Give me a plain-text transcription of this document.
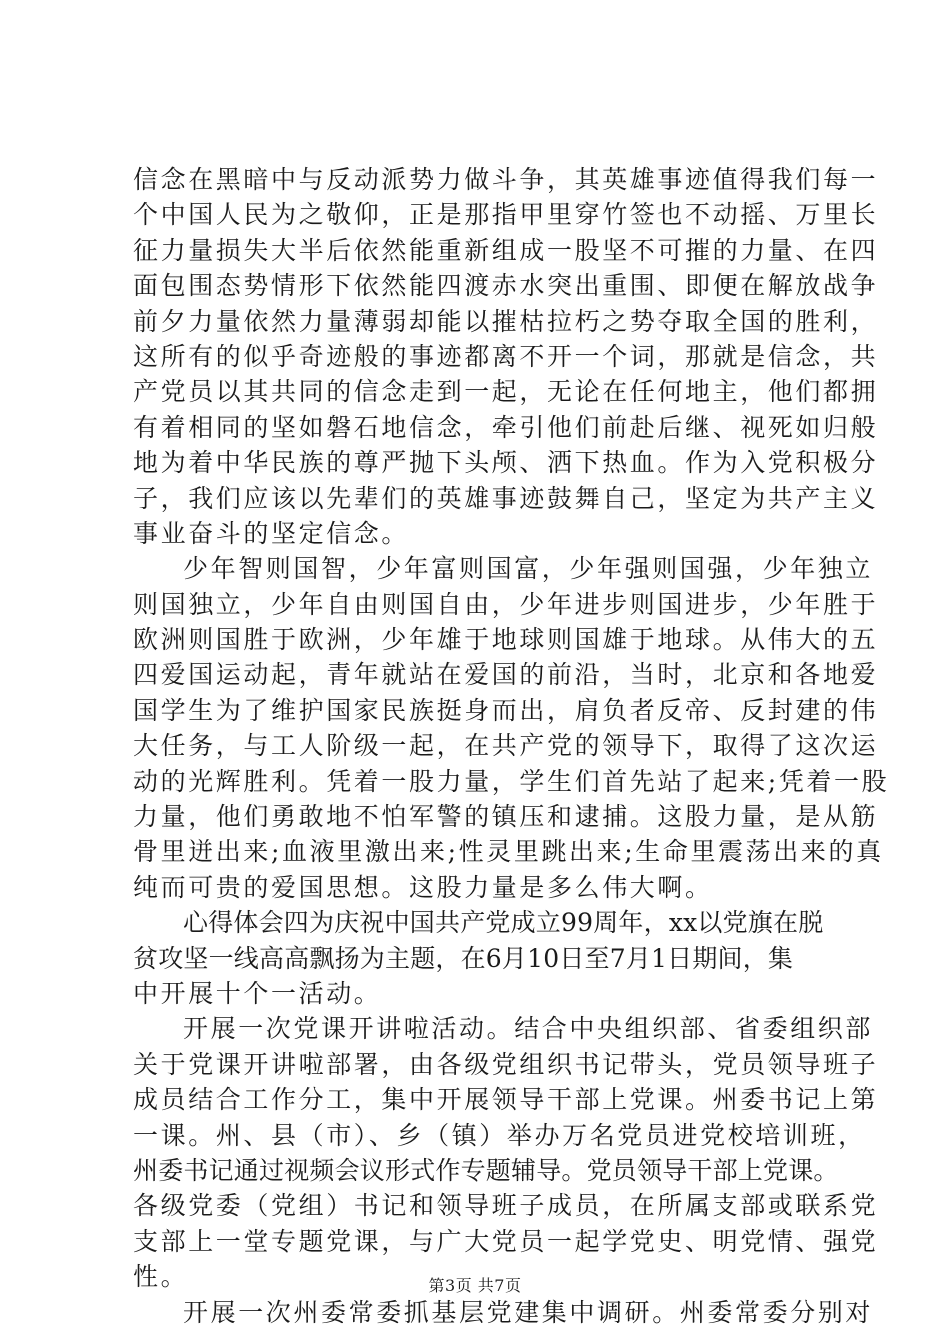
信念在黑暗中与反动派势力做斗争，其英雄事迹值得我们每一
个中国人民为之敬仰，正是那指甲里穿竹签也不动摇、万里长
征力量损失大半后依然能重新组成一股坚不可摧的力量、在四
面包围态势情形下依然能四渡赤水突出重围、即便在解放战争
前夕力量依然力量薄弱却能以摧枯拉朽之势夺取全国的胜利，
这所有的似乎奇迹般的事迹都离不开一个词，那就是信念，共
产党员以其共同的信念走到一起，无论在任何地主，他们都拥
有着相同的坚如磐石地信念，牵引他们前赴后继、视死如归般
地为着中华民族的尊严抛下头颅、洒下热血。作为入党积极分
子，我们应该以先辈们的英雄事迹鼓舞自己，坚定为共产主义
事业奋斗的坚定信念。
少年智则国智，少年富则国富，少年强则国强，少年独立
则国独立，少年自由则国自由，少年进步则国进步，少年胜于
欧洲则国胜于欧洲，少年雄于地球则国雄于地球。从伟大的五
四爱国运动起，青年就站在爱国的前沿，当时，北京和各地爱
国学生为了维护国家民族挺身而出，肩负者反帝、反封建的伟
大任务，与工人阶级一起，在共产党的领导下，取得了这次运
动的光辉胜利。凭着一股力量，学生们首先站了起来;凭着一股
力量，他们勇敢地不怕军警的镇压和逮捕。这股力量，是从筋
骨里迸出来;血液里激出来;性灵里跳出来;生命里震荡出来的真
纯而可贵的爱国思想。这股力量是多么伟大啊。
心得体会四为庆祝中国共产党成立99周年，xx以党旗在脱
贫攻坚一线高高飘扬为主题，在6月10日至7月1日期间，集
中开展十个一活动。
开展一次党课开讲啦活动。结合中央组织部、省委组织部
关于党课开讲啦部署，由各级党组织书记带头，党员领导班子
成员结合工作分工，集中开展领导干部上党课。州委书记上第
一课。州、县（市）、乡（镇）举办万名党员进党校培训班，
州委书记通过视频会议形式作专题辅导。党员领导干部上党课。
各级党委（党组）书记和领导班子成员，在所属支部或联系党
支部上一堂专题党课，与广大党员一起学党史、明党情、强党
性。
开展一次州委常委抓基层党建集中调研。州委常委分别对
第3页 共7页
